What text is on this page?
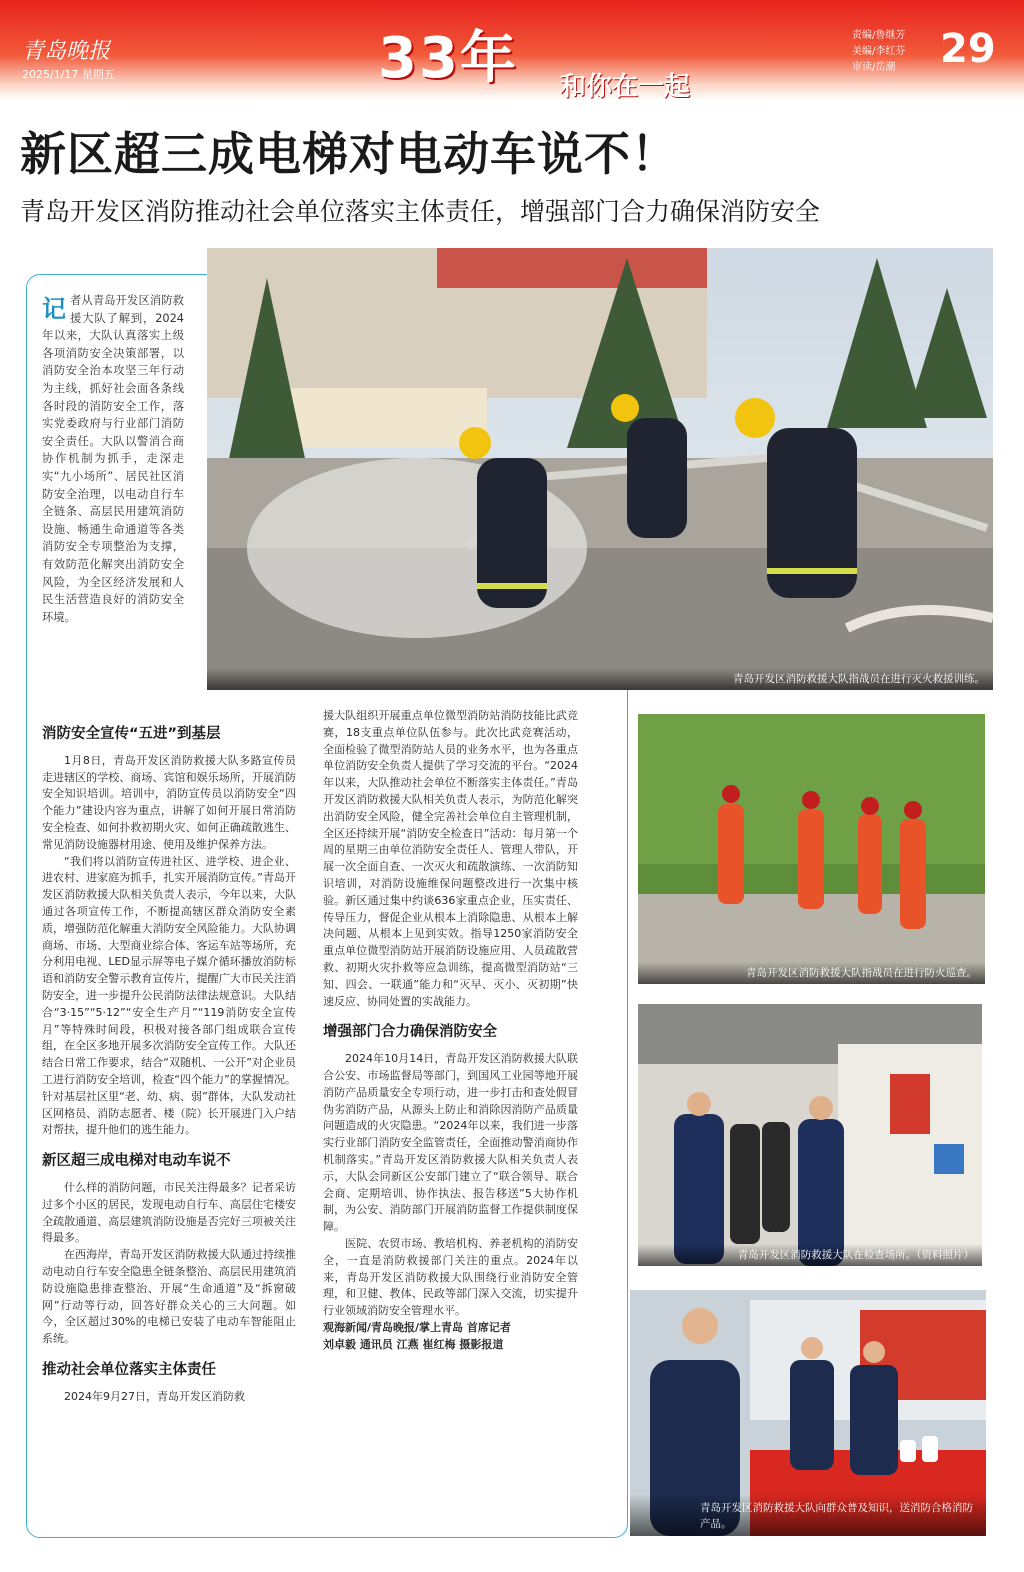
青岛晚报
2025/1/17 星期五	33年 和你在一起
责编/鲁继芳
美编/李红芬
审读/岳潮 29
新区超三成电梯对电动车说不！
青岛开发区消防推动社会单位落实主体责任，增强部门合力确保消防安全
记者从青岛开发区消防救援大队了解到，2024年以来，大队认真落实上级各项消防安全决策部署，以消防安全治本攻坚三年行动为主线，抓好社会面各条线各时段的消防安全工作，落实党委政府与行业部门消防安全责任。大队以警消合商协作机制为抓手，走深走实“九小场所”、居民社区消防安全治理，以电动自行车全链条、高层民用建筑消防设施、畅通生命通道等各类消防安全专项整治为支撑，有效防范化解突出消防安全风险，为全区经济发展和人民生活营造良好的消防安全环境。
青岛开发区消防救援大队指战员在进行灭火救援训练。
青岛开发区消防救援大队指战员在进行防火巡查。
青岛开发区消防救援大队在检查场所。（资料照片）
青岛开发区消防救援大队向群众普及知识，送消防合格消防产品。
消防安全宣传“五进”到基层

1月8日，青岛开发区消防救援大队多路宣传员走进辖区的学校、商场、宾馆和娱乐场所，开展消防安全知识培训。培训中，消防宣传员以消防安全“四个能力”建设内容为重点，讲解了如何开展日常消防安全检查、如何扑救初期火灾、如何正确疏散逃生、常见消防设施器材用途、使用及维护保养方法。

“我们将以消防宣传进社区、进学校、进企业、进农村、进家庭为抓手，扎实开展消防宣传。”青岛开发区消防救援大队相关负责人表示，今年以来，大队通过各项宣传工作，不断提高辖区群众消防安全素质，增强防范化解重大消防安全风险能力。大队协调商场、市场、大型商业综合体、客运车站等场所，充分利用电视、LED显示屏等电子媒介循环播放消防标语和消防安全警示教育宣传片，提醒广大市民关注消防安全，进一步提升公民消防法律法规意识。大队结合“3·15”“5·12”“安全生产月”“119消防安全宣传月”等特殊时间段，积极对接各部门组成联合宣传组，在全区多地开展多次消防安全宣传工作。大队还结合日常工作要求，结合“双随机、一公开”对企业员工进行消防安全培训，检查“四个能力”的掌握情况。针对基层社区里“老、幼、病、弱”群体，大队发动社区网格员、消防志愿者、楼（院）长开展进门入户结对帮扶，提升他们的逃生能力。

新区超三成电梯对电动车说不

什么样的消防问题，市民关注得最多？记者采访过多个小区的居民，发现电动自行车、高层住宅楼安全疏散通道、高层建筑消防设施是否完好三项被关注得最多。

在西海岸，青岛开发区消防救援大队通过持续推动电动自行车安全隐患全链条整治、高层民用建筑消防设施隐患排查整治、开展“生命通道”及“拆窗破网”行动等行动，回答好群众关心的三大问题。如今，全区超过30%的电梯已安装了电动车智能阻止系统。

推动社会单位落实主体责任

2024年9月27日，青岛开发区消防救

援大队组织开展重点单位微型消防站消防技能比武竞赛，18支重点单位队伍参与。此次比武竞赛活动，全面检验了微型消防站人员的业务水平，也为各重点单位消防安全负责人提供了学习交流的平台。“2024年以来，大队推动社会单位不断落实主体责任。”青岛开发区消防救援大队相关负责人表示，为防范化解突出消防安全风险，健全完善社会单位自主管理机制，全区还持续开展“消防安全检查日”活动：每月第一个周的星期三由单位消防安全责任人、管理人带队，开展一次全面自查、一次灭火和疏散演练、一次消防知识培训，对消防设施维保问题整改进行一次集中核验。新区通过集中约谈636家重点企业，压实责任、传导压力，督促企业从根本上消除隐患、从根本上解决问题、从根本上见到实效。指导1250家消防安全重点单位微型消防站开展消防设施应用、人员疏散营救、初期火灾扑救等应急训练，提高微型消防站“三知、四会、一联通”能力和“灭早、灭小、灭初期”快速反应、协同处置的实战能力。

增强部门合力确保消防安全

2024年10月14日，青岛开发区消防救援大队联合公安、市场监督局等部门，到国风工业园等地开展消防产品质量安全专项行动，进一步打击和查处假冒伪劣消防产品，从源头上防止和消除因消防产品质量问题造成的火灾隐患。“2024年以来，我们进一步落实行业部门消防安全监管责任，全面推动警消商协作机制落实。”青岛开发区消防救援大队相关负责人表示，大队会同新区公安部门建立了“联合领导、联合会商、定期培训、协作执法、报告移送”5大协作机制，为公安、消防部门开展消防监督工作提供制度保障。

医院、农贸市场、教培机构、养老机构的消防安全，一直是消防救援部门关注的重点。2024年以来，青岛开发区消防救援大队围绕行业消防安全管理，和卫健、教体、民政等部门深入交流，切实提升行业领域消防安全管理水平。

观海新闻/青岛晚报/掌上青岛 首席记者

刘卓毅 通讯员 江燕 崔红梅 摄影报道
